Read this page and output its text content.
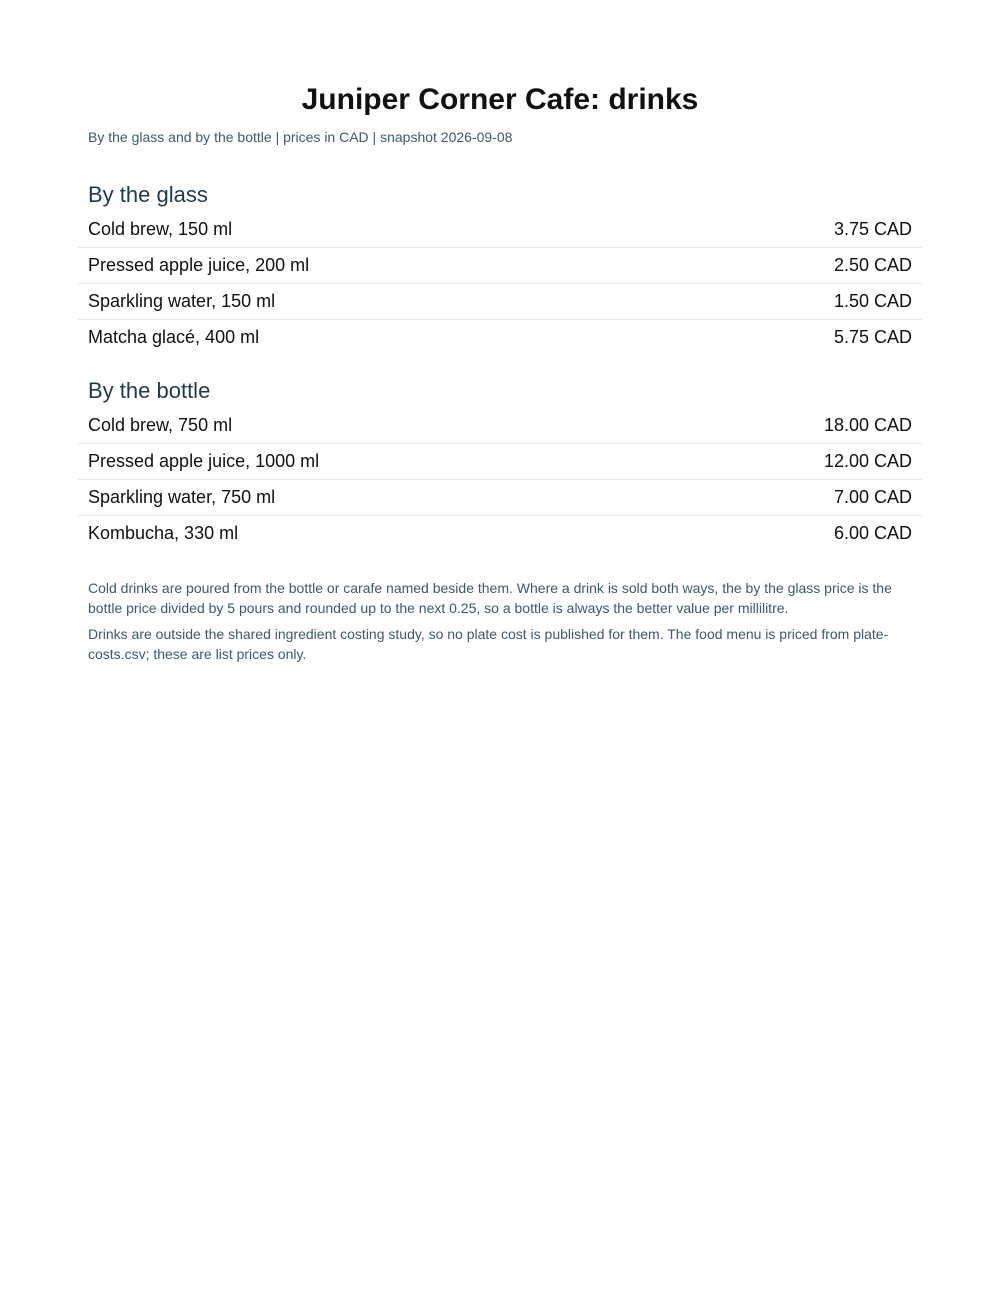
Juniper Corner Cafe: drinks

By the glass and by the bottle | prices in CAD | snapshot 2026-09-08

By the glass
Cold brew, 150 ml	3.75 CAD
Pressed apple juice, 200 ml	2.50 CAD
Sparkling water, 150 ml	1.50 CAD
Matcha glacé, 400 ml	5.75 CAD
By the bottle
Cold brew, 750 ml	18.00 CAD
Pressed apple juice, 1000 ml	12.00 CAD
Sparkling water, 750 ml	7.00 CAD
Kombucha, 330 ml	6.00 CAD

Cold drinks are poured from the bottle or carafe named beside them. Where a drink is sold both ways, the by the glass price is the bottle price divided by 5 pours and rounded up to the next 0.25, so a bottle is always the better value per millilitre.

Drinks are outside the shared ingredient costing study, so no plate cost is published for them. The food menu is priced from plate-costs.csv; these are list prices only.
